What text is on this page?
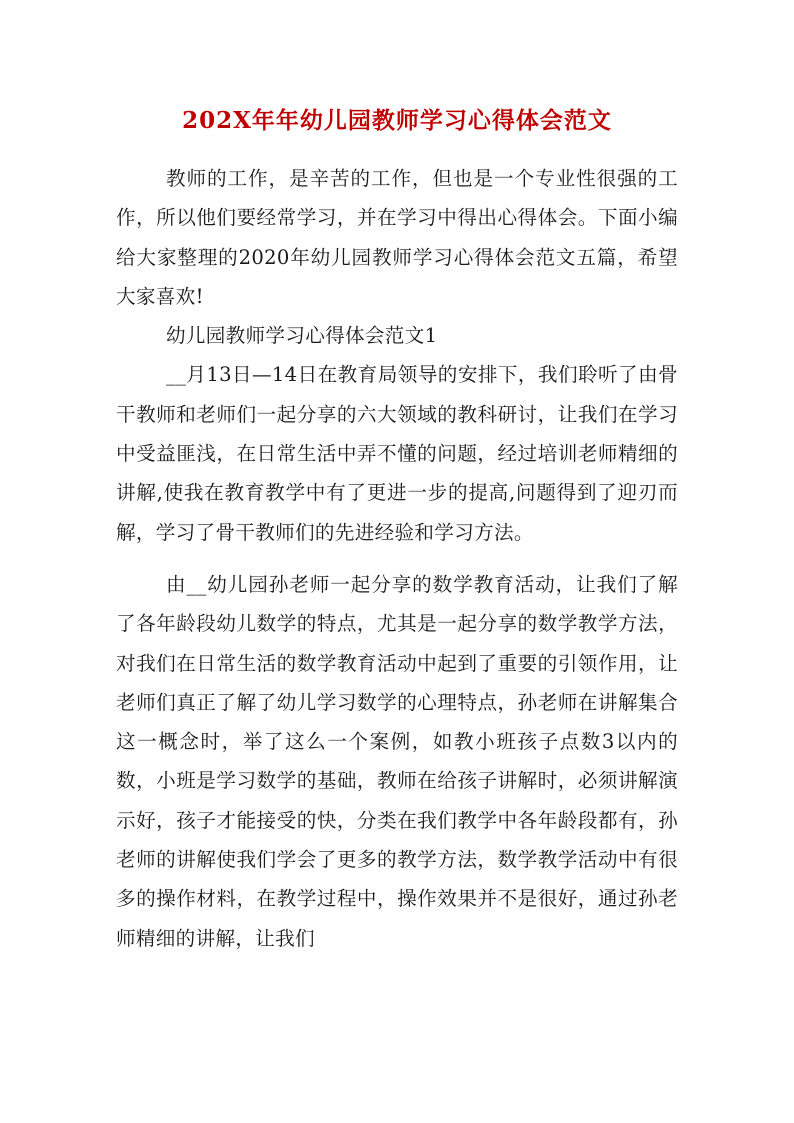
202X年年幼儿园教师学习心得体会范文

教师的工作，是辛苦的工作，但也是一个专业性很强的工作，所以他们要经常学习，并在学习中得出心得体会。下面小编给大家整理的2020年幼儿园教师学习心得体会范文五篇，希望大家喜欢!

幼儿园教师学习心得体会范文1

__月13日—14日在教育局领导的安排下，我们聆听了由骨干教师和老师们一起分享的六大领域的教科研讨，让我们在学习中受益匪浅，在日常生活中弄不懂的问题，经过培训老师精细的讲解,使我在教育教学中有了更进一步的提高,问题得到了迎刃而解，学习了骨干教师们的先进经验和学习方法。

由__幼儿园孙老师一起分享的数学教育活动，让我们了解了各年龄段幼儿数学的特点，尤其是一起分享的数学教学方法，对我们在日常生活的数学教育活动中起到了重要的引领作用，让老师们真正了解了幼儿学习数学的心理特点，孙老师在讲解集合这一概念时，举了这么一个案例，如教小班孩子点数3以内的数，小班是学习数学的基础，教师在给孩子讲解时，必须讲解演示好，孩子才能接受的快，分类在我们教学中各年龄段都有，孙老师的讲解使我们学会了更多的教学方法，数学教学活动中有很多的操作材料，在教学过程中，操作效果并不是很好，通过孙老师精细的讲解，让我们
